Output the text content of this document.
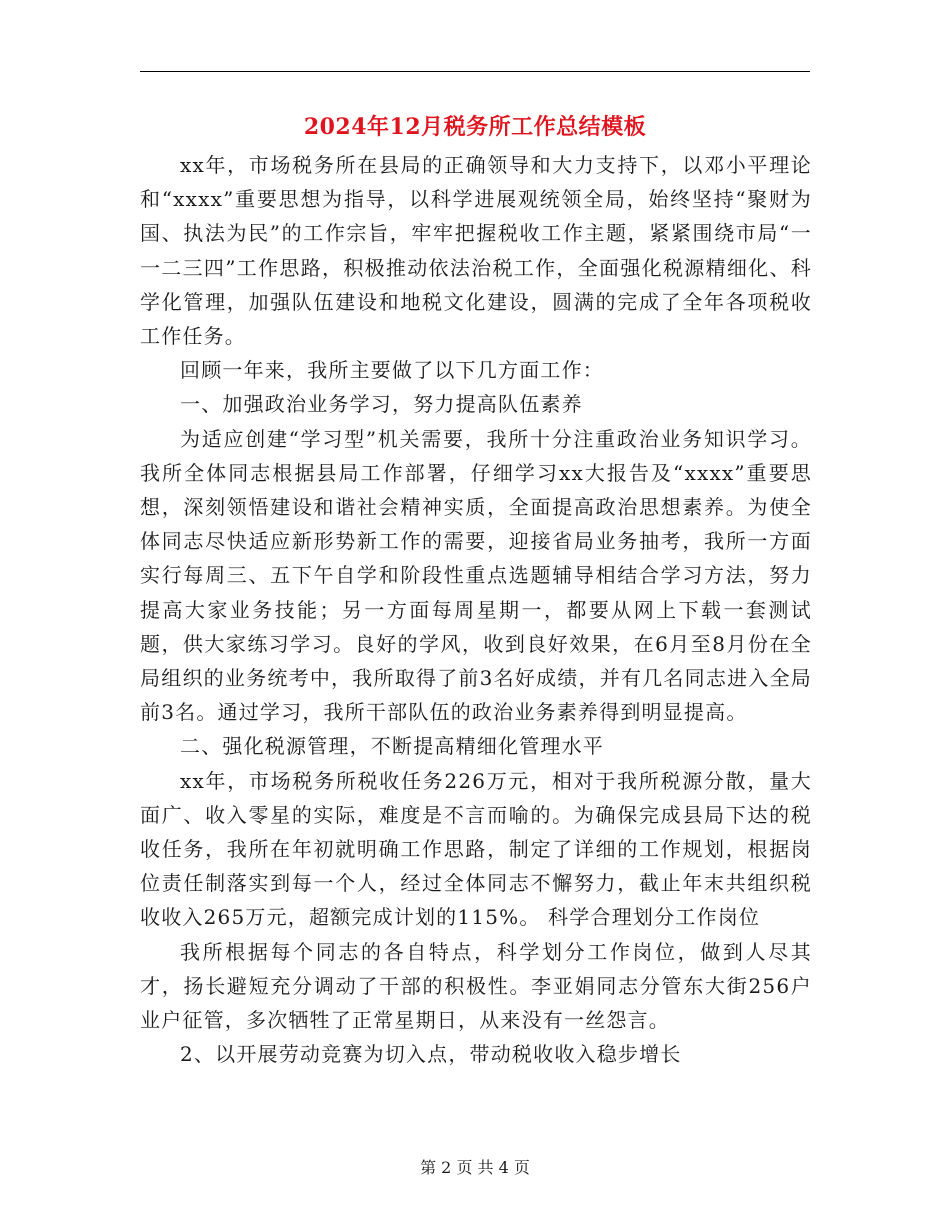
2024年12月税务所工作总结模板

xx年，市场税务所在县局的正确领导和大力支持下，以邓小平理论和“xxxx”重要思想为指导，以科学进展观统领全局，始终坚持“聚财为国、执法为民”的工作宗旨，牢牢把握税收工作主题，紧紧围绕市局“一一二三四”工作思路，积极推动依法治税工作，全面强化税源精细化、科学化管理，加强队伍建设和地税文化建设，圆满的完成了全年各项税收工作任务。

回顾一年来，我所主要做了以下几方面工作：

一、加强政治业务学习，努力提高队伍素养

为适应创建“学习型”机关需要，我所十分注重政治业务知识学习。我所全体同志根据县局工作部署，仔细学习xx大报告及“xxxx”重要思想，深刻领悟建设和谐社会精神实质，全面提高政治思想素养。为使全体同志尽快适应新形势新工作的需要，迎接省局业务抽考，我所一方面实行每周三、五下午自学和阶段性重点选题辅导相结合学习方法，努力提高大家业务技能；另一方面每周星期一，都要从网上下载一套测试题，供大家练习学习。良好的学风，收到良好效果，在6月至8月份在全局组织的业务统考中，我所取得了前3名好成绩，并有几名同志进入全局前3名。通过学习，我所干部队伍的政治业务素养得到明显提高。

二、强化税源管理，不断提高精细化管理水平

xx年，市场税务所税收任务226万元，相对于我所税源分散，量大面广、收入零星的实际，难度是不言而喻的。为确保完成县局下达的税收任务，我所在年初就明确工作思路，制定了详细的工作规划，根据岗位责任制落实到每一个人，经过全体同志不懈努力，截止年末共组织税收收入265万元，超额完成计划的115%。 科学合理划分工作岗位

我所根据每个同志的各自特点，科学划分工作岗位，做到人尽其才，扬长避短充分调动了干部的积极性。李亚娟同志分管东大街256户业户征管，多次牺牲了正常星期日，从来没有一丝怨言。

2、以开展劳动竞赛为切入点，带动税收收入稳步增长

第 2 页 共 4 页
